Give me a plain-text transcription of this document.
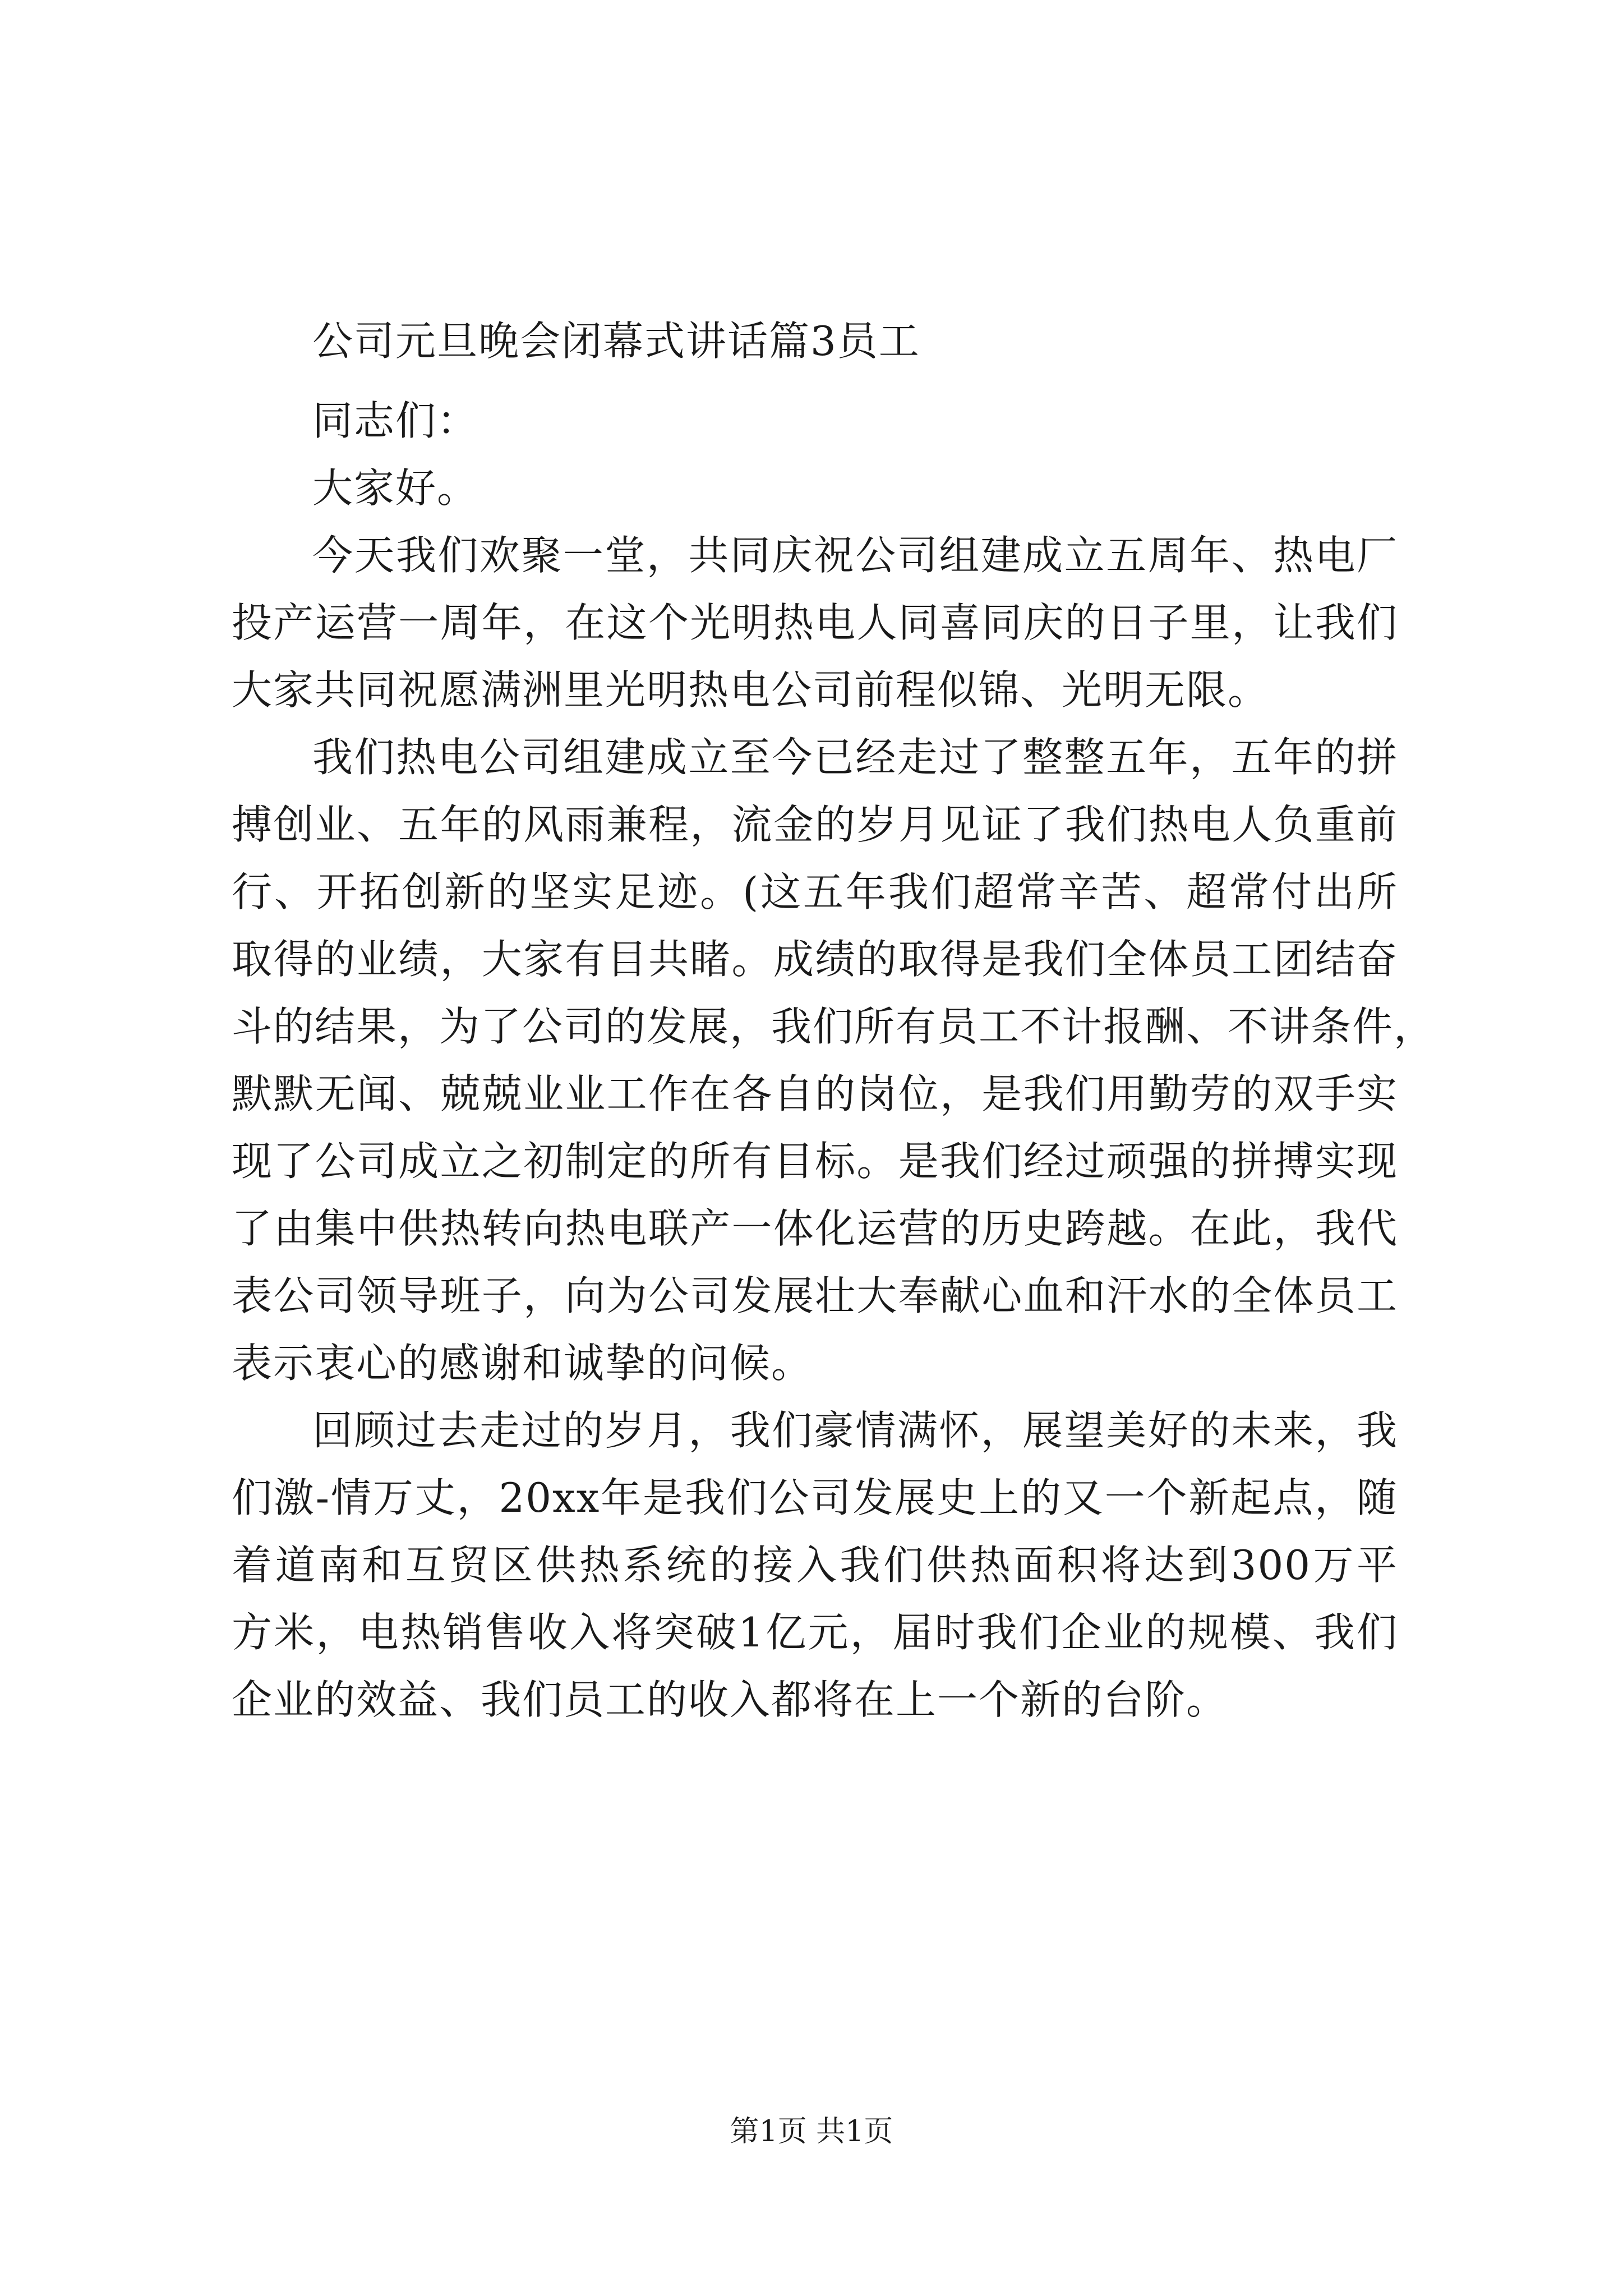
公司元旦晚会闭幕式讲话篇3员工

同志们：

大家好。

今天我们欢聚一堂，共同庆祝公司组建成立五周年、热电厂

投产运营一周年，在这个光明热电人同喜同庆的日子里，让我们

大家共同祝愿满洲里光明热电公司前程似锦、光明无限。

我们热电公司组建成立至今已经走过了整整五年，五年的拼

搏创业、五年的风雨兼程，流金的岁月见证了我们热电人负重前

行、开拓创新的坚实足迹。(这五年我们超常辛苦、超常付出所

取得的业绩，大家有目共睹。成绩的取得是我们全体员工团结奋

斗的结果，为了公司的发展，我们所有员工不计报酬、不讲条件，

默默无闻、兢兢业业工作在各自的岗位，是我们用勤劳的双手实

现了公司成立之初制定的所有目标。是我们经过顽强的拼搏实现

了由集中供热转向热电联产一体化运营的历史跨越。在此，我代

表公司领导班子，向为公司发展壮大奉献心血和汗水的全体员工

表示衷心的感谢和诚挚的问候。

回顾过去走过的岁月，我们豪情满怀，展望美好的未来，我

们激-情万丈，20xx年是我们公司发展史上的又一个新起点，随

着道南和互贸区供热系统的接入我们供热面积将达到300万平

方米，电热销售收入将突破1亿元，届时我们企业的规模、我们

企业的效益、我们员工的收入都将在上一个新的台阶。

第1页 共1页
